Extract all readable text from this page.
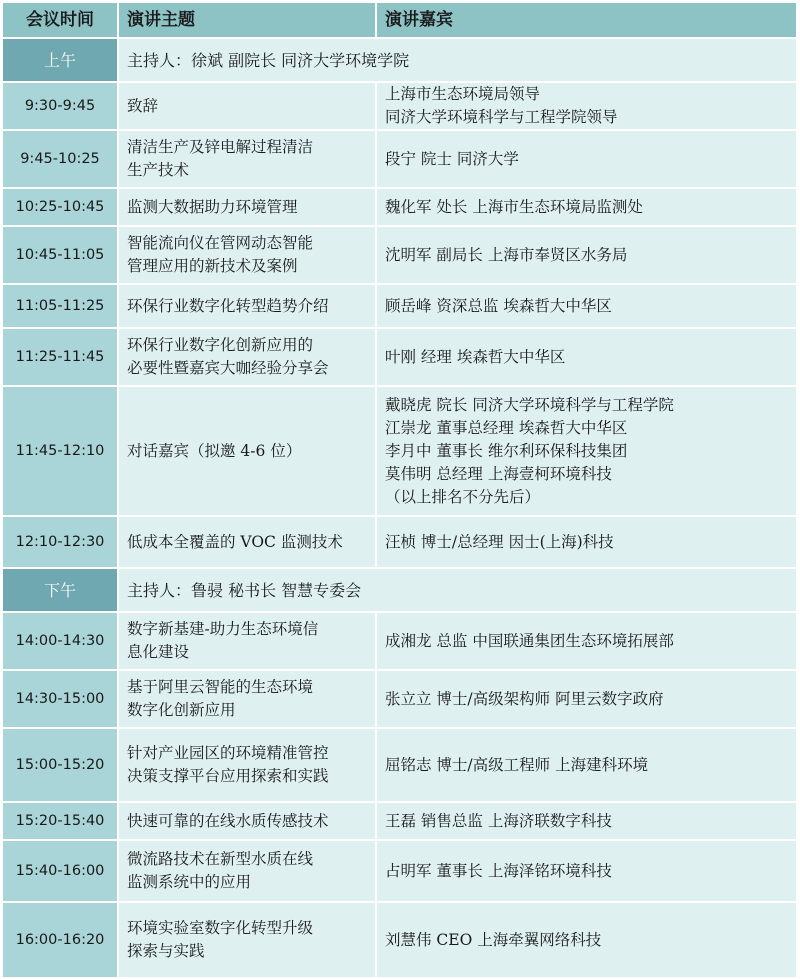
会议时间	演讲主题	演讲嘉宾
上午	主持人：徐斌 副院长 同济大学环境学院	
9:30-9:45	致辞	上海市生态环境局领导
同济大学环境科学与工程学院领导

9:45-10:25	清洁生产及锌电解过程清洁
生产技术	段宁 院士 同济大学

10:25-10:45	监测大数据助力环境管理	魏化军 处长 上海市生态环境局监测处

10:45-11:05	智能流向仪在管网动态智能
管理应用的新技术及案例	沈明军 副局长 上海市奉贤区水务局

11:05-11:25	环保行业数字化转型趋势介绍	顾岳峰 资深总监 埃森哲大中华区

11:25-11:45	环保行业数字化创新应用的
必要性暨嘉宾大咖经验分享会	叶刚 经理 埃森哲大中华区

11:45-12:10	对话嘉宾（拟邀 4-6 位）	戴晓虎 院长 同济大学环境科学与工程学院
江崇龙 董事总经理 埃森哲大中华区
李月中 董事长 维尔利环保科技集团
莫伟明 总经理 上海壹柯环境科技
（以上排名不分先后）

12:10-12:30	低成本全覆盖的 VOC 监测技术	汪桢 博士/总经理 因士(上海)科技

下午	主持人：鲁骎 秘书长 智慧专委会	
14:00-14:30	数字新基建-助力生态环境信
息化建设	成湘龙 总监 中国联通集团生态环境拓展部

14:30-15:00	基于阿里云智能的生态环境
数字化创新应用	张立立 博士/高级架构师 阿里云数字政府

15:00-15:20	针对产业园区的环境精准管控
决策支撑平台应用探索和实践	屈铭志 博士/高级工程师 上海建科环境

15:20-15:40	快速可靠的在线水质传感技术	王磊 销售总监 上海济联数字科技

15:40-16:00	微流路技术在新型水质在线
监测系统中的应用	占明军 董事长 上海泽铭环境科技

16:00-16:20	环境实验室数字化转型升级
探索与实践	刘慧伟 CEO 上海牵翼网络科技
